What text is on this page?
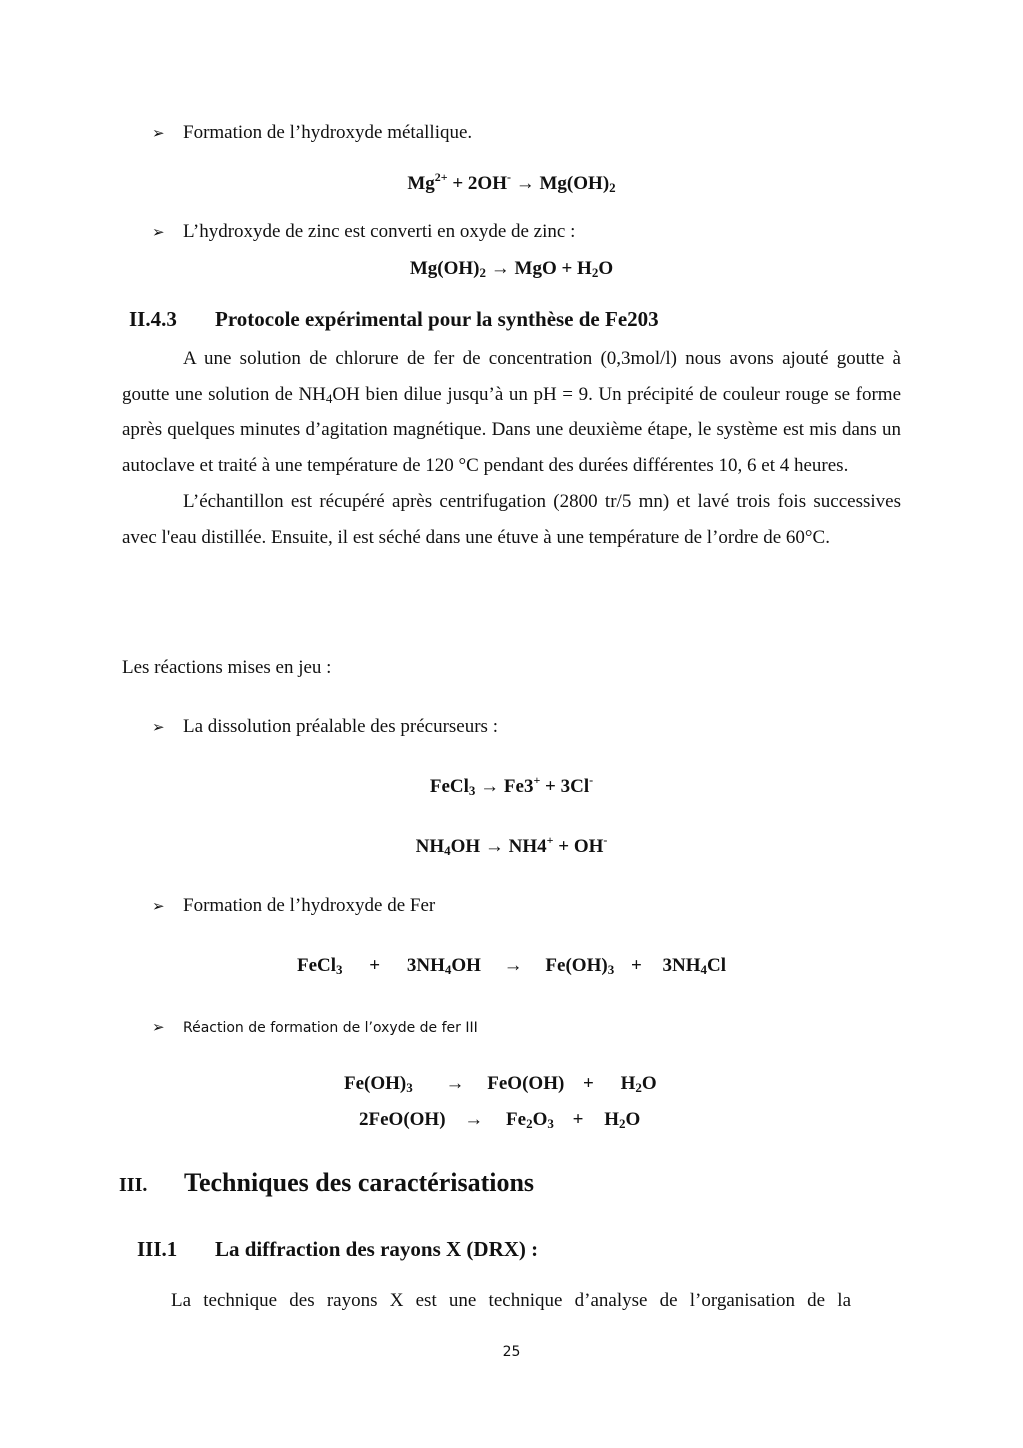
➢ Formation de l’hydroxyde métallique.
$Mg^{2+} + 2OH^- \to Mg(OH)_2$
➢ L’hydroxyde de zinc est converti en oxyde de zinc :
$Mg(OH)_2$ → MgO + $H_2O$
II.4.3 Protocole expérimental pour la synthèse de Fe203

A une solution de chlorure de fer de concentration (0,3mol/l) nous avons ajouté goutte à goutte une solution de $NH_4OH$ bien dilue jusqu’à un pH = 9. Un précipité de couleur rouge se forme après quelques minutes d’agitation magnétique. Dans une deuxième étape, le système est mis dans un autoclave et traité à une température de 120 °C pendant des durées différentes 10, 6 et 4 heures.

L’échantillon est récupéré après centrifugation (2800 tr/5 mn) et lavé trois fois successives avec l'eau distillée. Ensuite, il est séché dans une étuve à une température de l’ordre de 60°C.

Les réactions mises en jeu :
➢ La dissolution préalable des précurseurs :
FeCl$_3$ → Fe3+ + 3Cl-
$NH_4OH \to NH4^+ + OH^-$
➢ Formation de l’hydroxyde de Fer
FeCl$_3$ + $3NH_4OH \to Fe(OH)_3 + 3NH_4Cl$
➢ Réaction de formation de l’oxyde de fer III
$Fe(OH)_3 \to FeO(OH) + H_2O$
$2FeO(OH) \to Fe_2O_3 + H_2O$
III. Techniques des caractérisations
III.1 La diffraction des rayons X (DRX) :
La technique des rayons X est une technique d’analyse de l’organisation de la
25
